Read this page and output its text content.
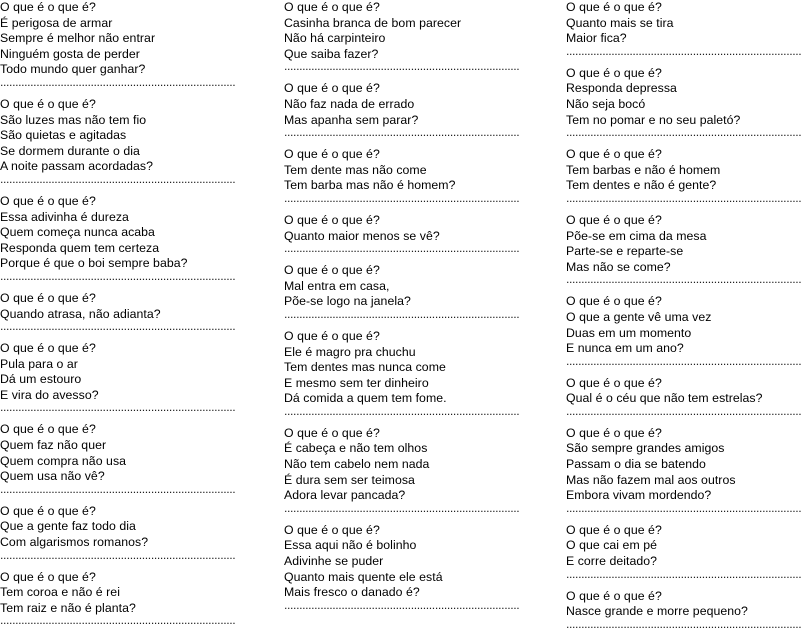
O que é o que é?
É perigosa de armar
Sempre é melhor não entrar
Ninguém gosta de perder
Todo mundo quer ganhar?
..............................................................................
O que é o que é?
São luzes mas não tem fio
São quietas e agitadas
Se dormem durante o dia
A noite passam acordadas?
..............................................................................
O que é o que é?
Essa adivinha é dureza
Quem começa nunca acaba
Responda quem tem certeza
Porque é que o boi sempre baba?
..............................................................................
O que é o que é?
Quando atrasa, não adianta?
..............................................................................
O que é o que é?
Pula para o ar
Dá um estouro
E vira do avesso?
..............................................................................
O que é o que é?
Quem faz não quer
Quem compra não usa
Quem usa não vê?
..............................................................................
O que é o que é?
Que a gente faz todo dia
Com algarismos romanos?
..............................................................................
O que é o que é?
Tem coroa e não é rei
Tem raiz e não é planta?
..............................................................................
O que é o que é?
Casinha branca de bom parecer
Não há carpinteiro
Que saiba fazer?
..............................................................................
O que é o que é?
Não faz nada de errado
Mas apanha sem parar?
..............................................................................
O que é o que é?
Tem dente mas não come
Tem barba mas não é homem?
..............................................................................
O que é o que é?
Quanto maior menos se vê?
..............................................................................
O que é o que é?
Mal entra em casa,
Põe-se logo na janela?
..............................................................................
O que é o que é?
Ele é magro pra chuchu
Tem dentes mas nunca come
E mesmo sem ter dinheiro
Dá comida a quem tem fome.
..............................................................................
O que é o que é?
É cabeça e não tem olhos
Não tem cabelo nem nada
É dura sem ser teimosa
Adora levar pancada?
..............................................................................
O que é o que é?
Essa aqui não é bolinho
Adivinhe se puder
Quanto mais quente ele está
Mais fresco o danado é?
..............................................................................
O que é o que é?
Quanto mais se tira
Maior fica?
..............................................................................
O que é o que é?
Responda depressa
Não seja bocó
Tem no pomar e no seu paletó?
..............................................................................
O que é o que é?
Tem barbas e não é homem
Tem dentes e não é gente?
..............................................................................
O que é o que é?
Põe-se em cima da mesa
Parte-se e reparte-se
Mas não se come?
..............................................................................
O que é o que é?
O que a gente vê uma vez
Duas em um momento
E nunca em um ano?
..............................................................................
O que é o que é?
Qual é o céu que não tem estrelas?
..............................................................................
O que é o que é?
São sempre grandes amigos
Passam o dia se batendo
Mas não fazem mal aos outros
Embora vivam mordendo?
..............................................................................
O que é o que é?
O que cai em pé
E corre deitado?
..............................................................................
O que é o que é?
Nasce grande e morre pequeno?
..............................................................................
